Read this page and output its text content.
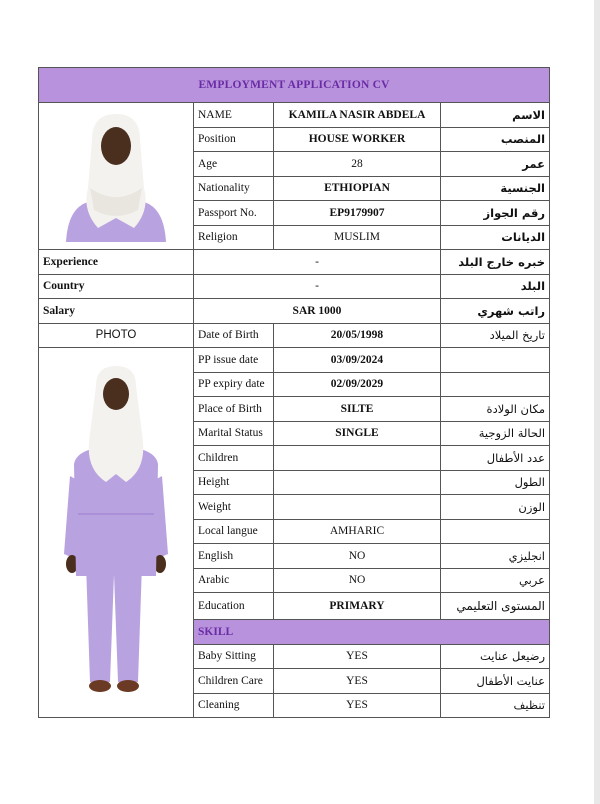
EMPLOYMENT APPLICATION CV			

	NAME	KAMILA NASIR ABDELA	الاسم
	Position	HOUSE WORKER	المنصب
	Age	28	عمر
	Nationality	ETHIOPIAN	الجنسية
	Passport No.	EP9179907	رقم الجواز
	Religion	MUSLIM	الديانات
Experience	-		خبره خارج البلد
Country	-		البلد
Salary	SAR 1000		راتب شهري
PHOTO	Date of Birth	20/05/1998	تاريخ الميلاد

	PP issue date	03/09/2024	
	PP expiry date	02/09/2029	
	Place of Birth	SILTE	مكان الولادة
	Marital Status	SINGLE	الحالة الزوجية
	Children		عدد الأطفال
	Height		الطول
	Weight		الوزن
	Local langue	AMHARIC	
	English	NO	انجليزي
	Arabic	NO	عربي
	Education	PRIMARY	المستوى التعليمي
	SKILL		
	Baby Sitting	YES	رضيعل عنايت
	Children Care	YES	عنايت الأطفال
	Cleaning	YES	تنظيف
